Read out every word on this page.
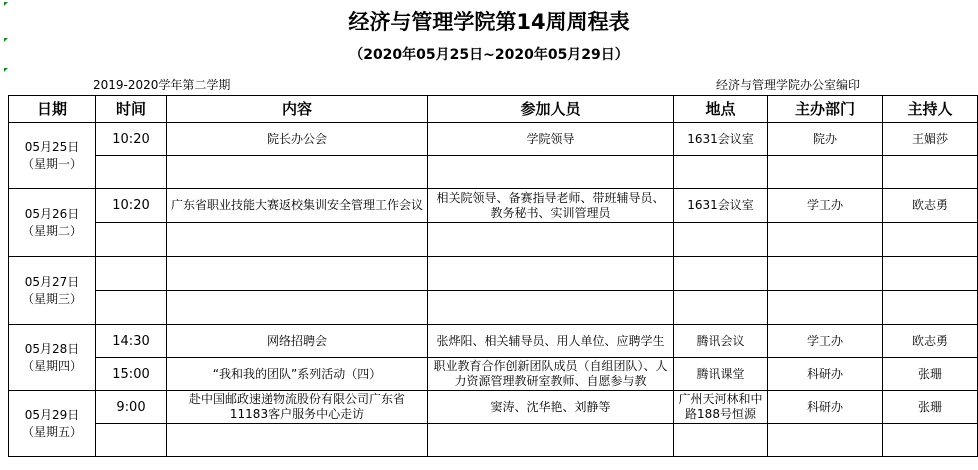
经济与管理学院第14周周程表
（2020年05月25日~2020年05月29日）
2019-2020学年第二学期	经济与管理学院办公室编印
日期	时间	内容	参加人员	地点	主办部门	主持人

05月25日
（星期一）	10:20	院长办公会	学院领导	1631会议室	院办	王媚莎

05月26日
（星期二）	10:20	广东省职业技能大赛返校集训安全管理工作会议	相关院领导、备赛指导老师、带班辅导员、教务秘书、实训管理员	1631会议室	学工办	欧志勇

05月27日
（星期三）						

05月28日
（星期四）	14:30	网络招聘会	张烨阳、相关辅导员、用人单位、应聘学生	腾讯会议	学工办	欧志勇
	15:00	“我和我的团队”系列活动（四）	职业教育合作创新团队成员（自组团队）、人力资源管理教研室教师、自愿参与教	腾讯课堂	科研办	张珊

05月29日
（星期五）	9:00	赴中国邮政速递物流股份有限公司广东省11183客户服务中心走访	窦涛、沈华艳、刘静等	广州天河林和中路188号恒源	科研办	张珊
